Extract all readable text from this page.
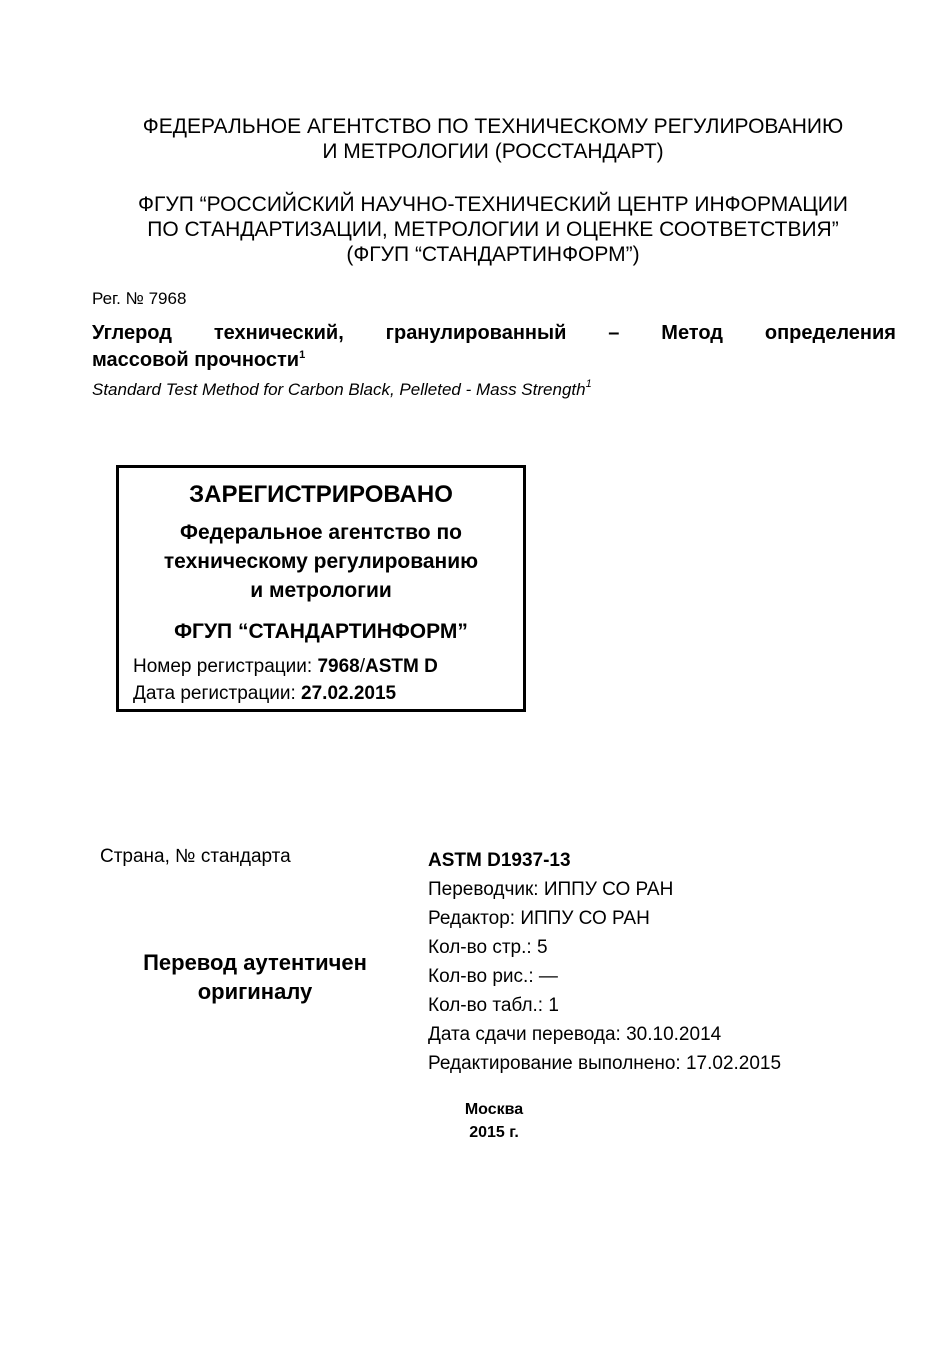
ФЕДЕРАЛЬНОЕ АГЕНТСТВО ПО ТЕХНИЧЕСКОМУ РЕГУЛИРОВАНИЮ
И МЕТРОЛОГИИ (РОССТАНДАРТ)
ФГУП “РОССИЙСКИЙ НАУЧНО-ТЕХНИЧЕСКИЙ ЦЕНТР ИНФОРМАЦИИ
ПО СТАНДАРТИЗАЦИИ, МЕТРОЛОГИИ И ОЦЕНКЕ СООТВЕТСТВИЯ”
(ФГУП “СТАНДАРТИНФОРМ”)
Рег. № 7968
Углерод технический, гранулированный – Метод определения
массовой прочности$^1$
Standard Test Method for Carbon Black, Pelleted - Mass Strength$^1$
ЗАРЕГИСТРИРОВАНО
Федеральное агентство по
техническому регулированию
и метрологии
ФГУП “СТАНДАРТИНФОРМ”
Номер регистрации: 7968/ASTM D
Дата регистрации: 27.02.2015
Страна, № стандарта
Перевод аутентичен
оригиналу
ASTM D1937-13
Переводчик: ИППУ СО РАН
Редактор: ИППУ СО РАН
Кол-во стр.: 5
Кол-во рис.: —
Кол-во табл.: 1
Дата сдачи перевода: 30.10.2014
Редактирование выполнено: 17.02.2015
Москва
2015 г.
